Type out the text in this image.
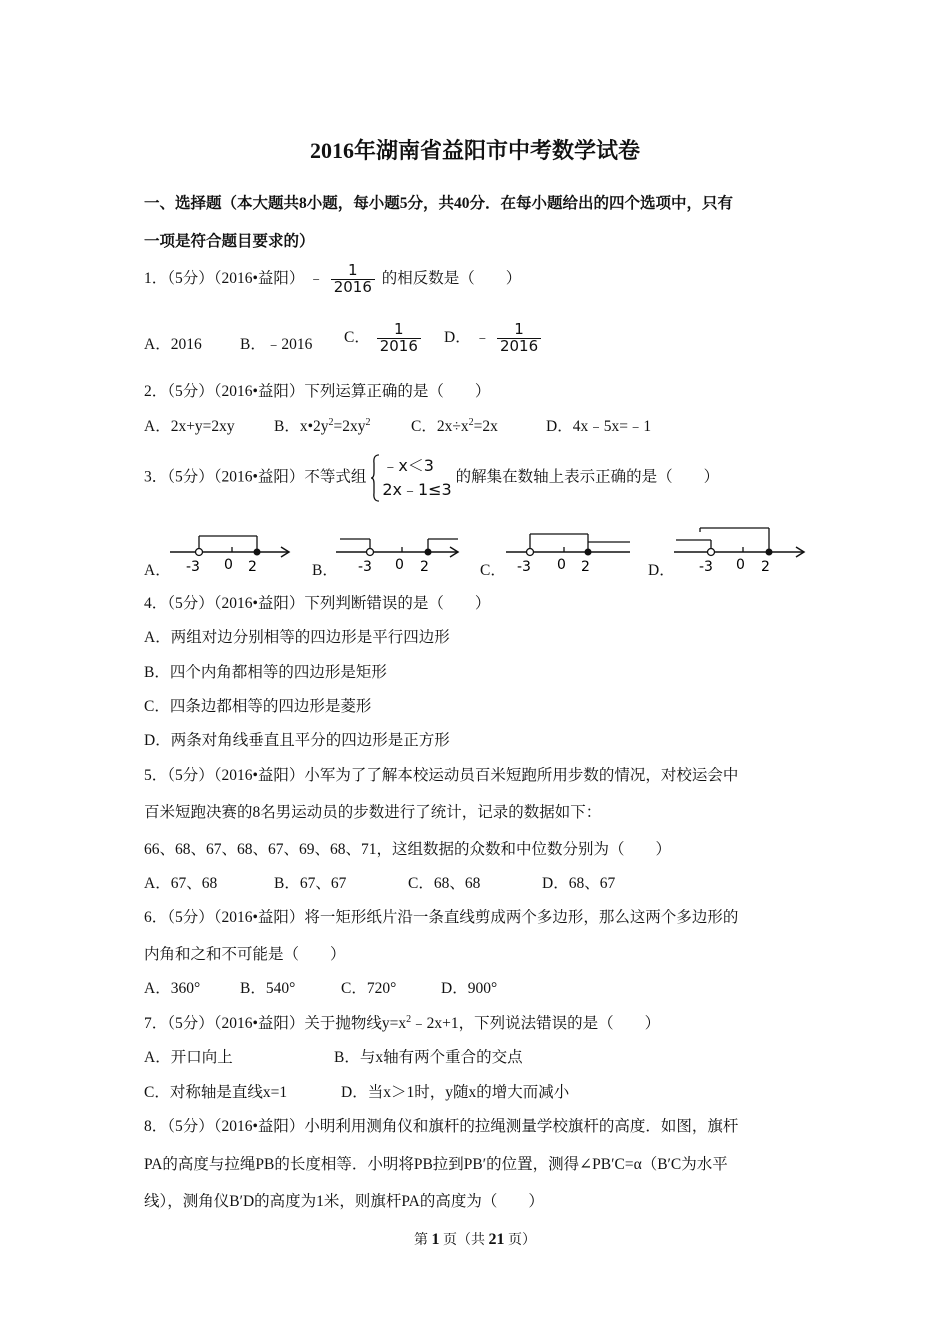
2016年湖南省益阳市中考数学试卷
一、选择题（本大题共8小题，每小题5分，共40分．在每小题给出的四个选项中，只有
一项是符合题目要求的）
1．（5分）（2016•益阳） ﹣ $\frac{1}{2016}$ 的相反数是（　　）
A．2016 B．﹣2016 C． $\frac{1}{2016}$ D． ﹣ $\frac{1}{2016}$
2．（5分）（2016•益阳）下列运算正确的是（　　）
A．2x+y=2xy	B．$x•2y^2=2xy^2$	C．$2x\div x^2=2x$	D．4x﹣5x=﹣1
3．（5分）（2016•益阳）不等式组
﹣x＜3
2x﹣1≤3
的解集在数轴上表示正确的是（　　）
A． -3 0 2	B． -3 0 2	C． -3 0 2	D． -3 0 2
4．（5分）（2016•益阳）下列判断错误的是（　　）
A．两组对边分别相等的四边形是平行四边形
B．四个内角都相等的四边形是矩形
C．四条边都相等的四边形是菱形
D．两条对角线垂直且平分的四边形是正方形
5．（5分）（2016•益阳）小军为了了解本校运动员百米短跑所用步数的情况，对校运会中
百米短跑决赛的8名男运动员的步数进行了统计，记录的数据如下：
66、68、67、68、67、69、68、71，这组数据的众数和中位数分别为（　　）
A．67、68	B．67、67	C．68、68	D．68、67
6．（5分）（2016•益阳）将一矩形纸片沿一条直线剪成两个多边形，那么这两个多边形的
内角和之和不可能是（　　）
A．360°	B．540°	C．720°	D．900°
7．（5分）（2016•益阳）关于抛物线$y=x^2﹣2x+1$，下列说法错误的是（　　）
A．开口向上	B．与x轴有两个重合的交点
C．对称轴是直线x=1	D．当x＞1时，y随x的增大而减小
8．（5分）（2016•益阳）小明利用测角仪和旗杆的拉绳测量学校旗杆的高度．如图，旗杆
PA的高度与拉绳PB的长度相等．小明将PB拉到PB′的位置，测得∠PB′C=α（B′C为水平
线），测角仪B′D的高度为1米，则旗杆PA的高度为（　　）
第 1 页（共 21 页）
